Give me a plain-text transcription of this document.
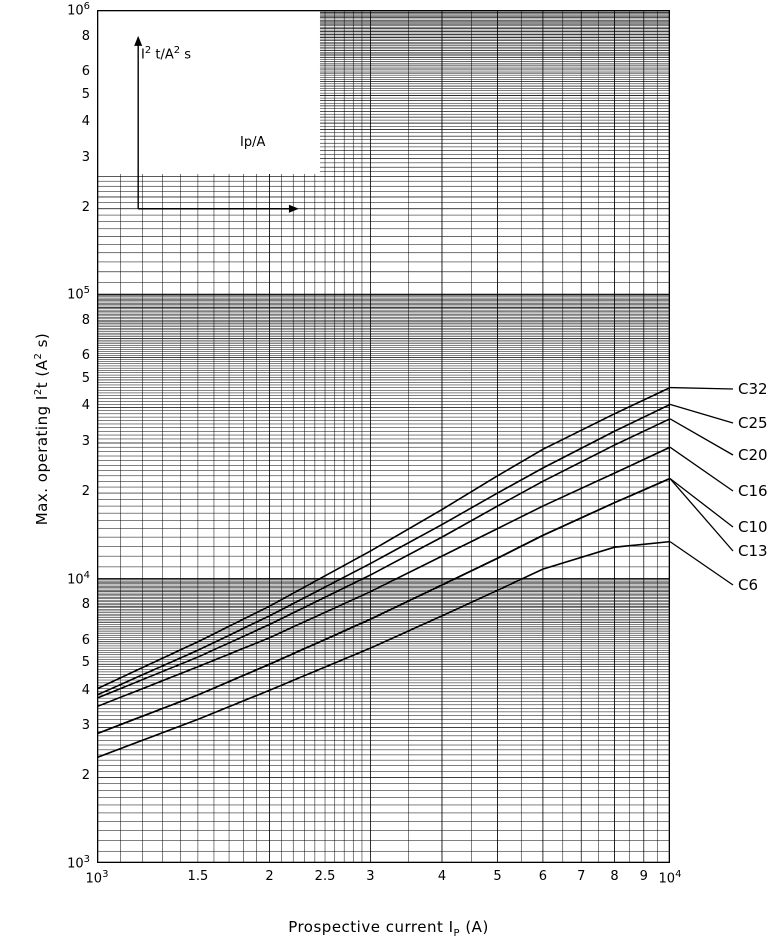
Max. operating $I^2t$ ($A^2$ s)
Prospective current $I_P$ (A)
$10^3$
2
3
4
5
6
8
$10^4$
2
3
4
5
6
8
$10^5$
2
3
4
5
6
8
$10^6$
$10^3$	1.5	2	2.5	3	4	5	6	7	8	9 $10^4$
C32
C25
C20
C16
C10
C13
C6
$I^2$ $t/A^2$ s
Ip/A
